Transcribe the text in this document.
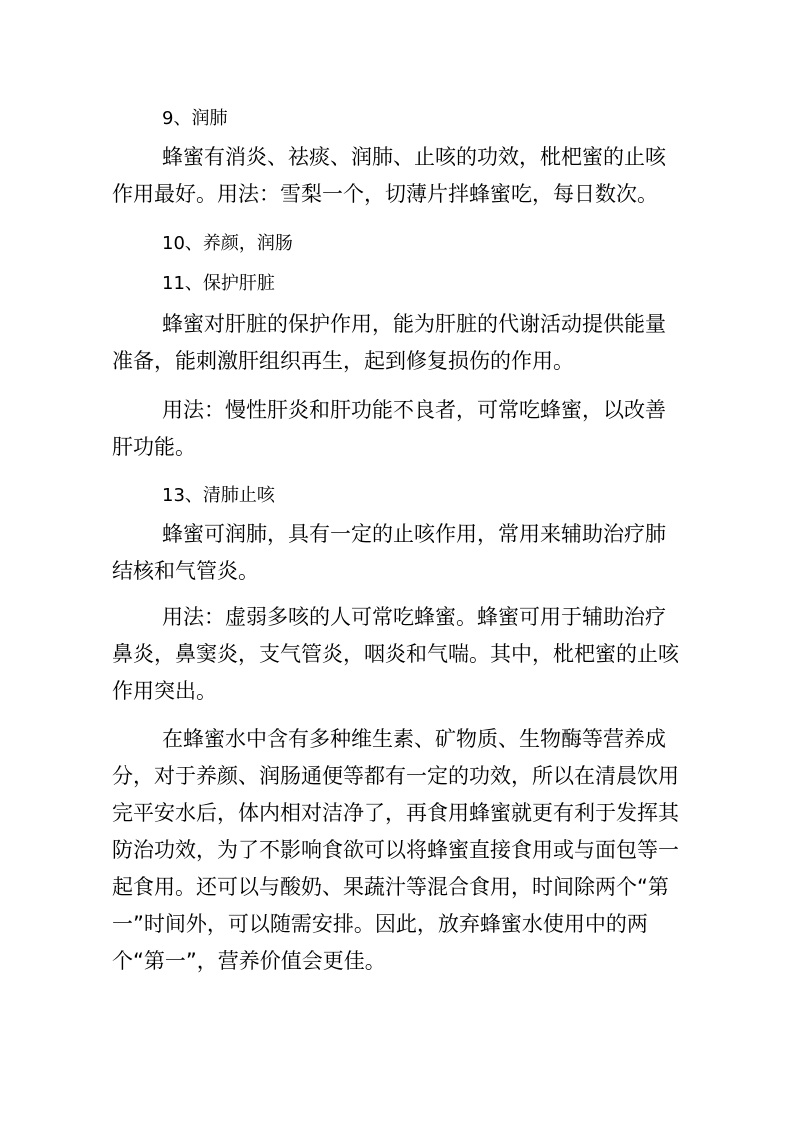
9、润肺

蜂蜜有消炎、祛痰、润肺、止咳的功效，枇杷蜜的止咳作用最好。用法：雪梨一个，切薄片拌蜂蜜吃，每日数次。

10、养颜，润肠

11、保护肝脏

蜂蜜对肝脏的保护作用，能为肝脏的代谢活动提供能量准备，能刺激肝组织再生，起到修复损伤的作用。

用法：慢性肝炎和肝功能不良者，可常吃蜂蜜，以改善肝功能。

13、清肺止咳

蜂蜜可润肺，具有一定的止咳作用，常用来辅助治疗肺结核和气管炎。

用法：虚弱多咳的人可常吃蜂蜜。蜂蜜可用于辅助治疗鼻炎，鼻窦炎，支气管炎，咽炎和气喘。其中，枇杷蜜的止咳作用突出。

在蜂蜜水中含有多种维生素、矿物质、生物酶等营养成分，对于养颜、润肠通便等都有一定的功效，所以在清晨饮用完平安水后，体内相对洁净了，再食用蜂蜜就更有利于发挥其防治功效，为了不影响食欲可以将蜂蜜直接食用或与面包等一起食用。还可以与酸奶、果蔬汁等混合食用，时间除两个“第一”时间外，可以随需安排。因此，放弃蜂蜜水使用中的两个“第一”，营养价值会更佳。
